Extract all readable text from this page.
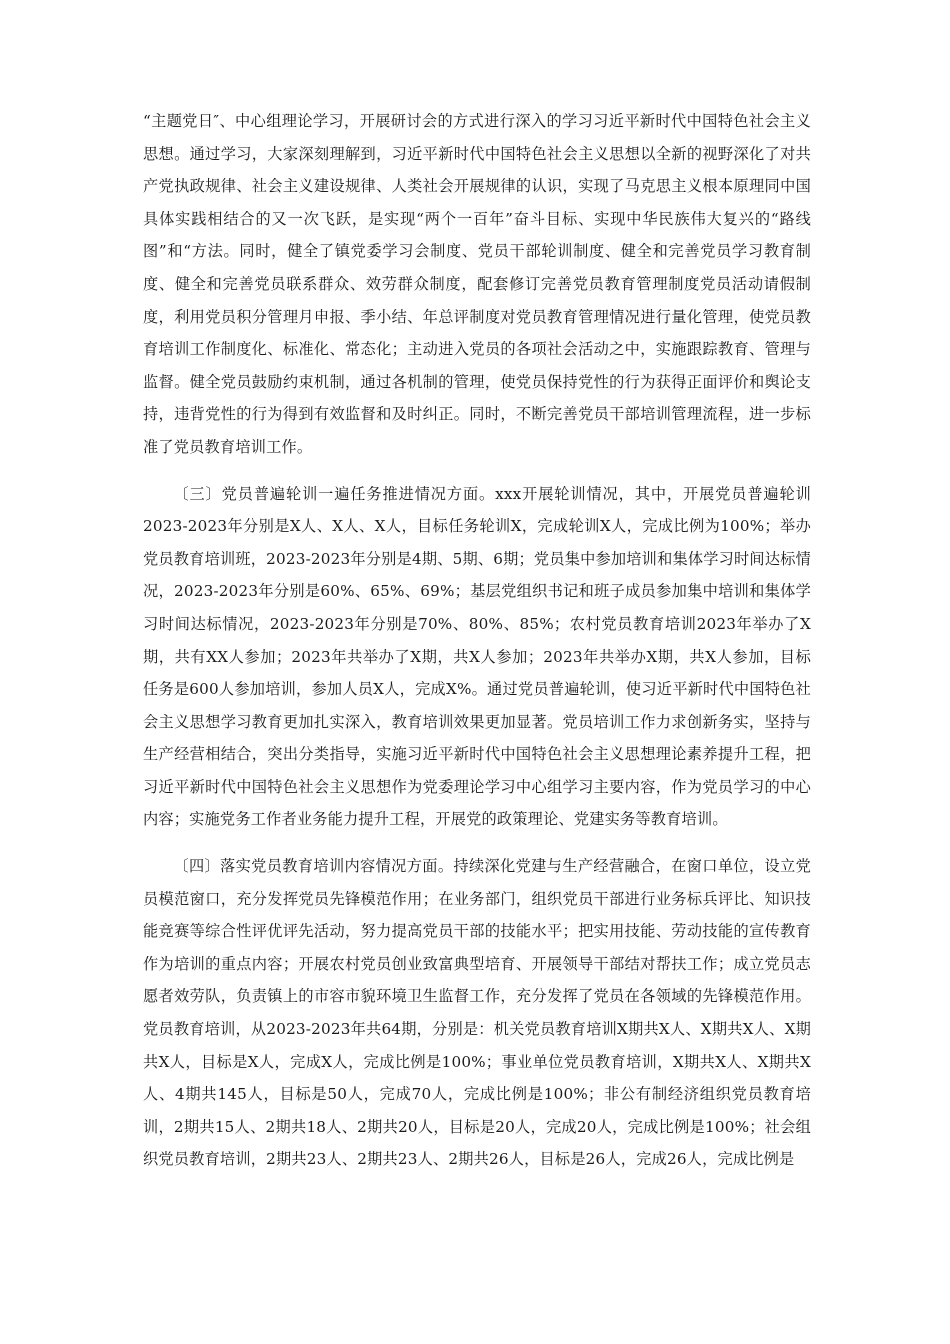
“主题党日″、中心组理论学习，开展研讨会的方式进行深入的学习习近平新时代中国特色社会主义思想。通过学习，大家深刻理解到，习近平新时代中国特色社会主义思想以全新的视野深化了对共产党执政规律、社会主义建设规律、人类社会开展规律的认识，实现了马克思主义根本原理同中国具体实践相结合的又一次飞跃，是实现“两个一百年”奋斗目标、实现中华民族伟大复兴的“路线图”和“方法。同时，健全了镇党委学习会制度、党员干部轮训制度、健全和完善党员学习教育制度、健全和完善党员联系群众、效劳群众制度，配套修订完善党员教育管理制度党员活动请假制度，利用党员积分管理月申报、季小结、年总评制度对党员教育管理情况进行量化管理，使党员教育培训工作制度化、标准化、常态化；主动进入党员的各项社会活动之中，实施跟踪教育、管理与监督。健全党员鼓励约束机制，通过各机制的管理，使党员保持党性的行为获得正面评价和舆论支持，违背党性的行为得到有效监督和及时纠正。同时，不断完善党员干部培训管理流程，进一步标准了党员教育培训工作。

〔三〕党员普遍轮训一遍任务推进情况方面。xxx开展轮训情况，其中，开展党员普遍轮训2023-2023年分别是X人、X人、X人，目标任务轮训X，完成轮训X人，完成比例为100%；举办党员教育培训班，2023-2023年分别是4期、5期、6期；党员集中参加培训和集体学习时间达标情况，2023-2023年分别是60%、65%、69%；基层党组织书记和班子成员参加集中培训和集体学习时间达标情况，2023-2023年分别是70%、80%、85%；农村党员教育培训2023年举办了X期，共有XX人参加；2023年共举办了X期，共X人参加；2023年共举办X期，共X人参加，目标任务是600人参加培训，参加人员X人，完成X%。通过党员普遍轮训，使习近平新时代中国特色社会主义思想学习教育更加扎实深入，教育培训效果更加显著。党员培训工作力求创新务实，坚持与生产经营相结合，突出分类指导，实施习近平新时代中国特色社会主义思想理论素养提升工程，把习近平新时代中国特色社会主义思想作为党委理论学习中心组学习主要内容，作为党员学习的中心内容；实施党务工作者业务能力提升工程，开展党的政策理论、党建实务等教育培训。

〔四〕落实党员教育培训内容情况方面。持续深化党建与生产经营融合，在窗口单位，设立党员模范窗口，充分发挥党员先锋模范作用；在业务部门，组织党员干部进行业务标兵评比、知识技能竞赛等综合性评优评先活动，努力提高党员干部的技能水平；把实用技能、劳动技能的宣传教育作为培训的重点内容；开展农村党员创业致富典型培育、开展领导干部结对帮扶工作；成立党员志愿者效劳队，负责镇上的市容市貌环境卫生监督工作，充分发挥了党员在各领域的先锋模范作用。党员教育培训，从2023-2023年共64期，分别是：机关党员教育培训X期共X人、X期共X人、X期共X人，目标是X人，完成X人，完成比例是100%；事业单位党员教育培训，X期共X人、X期共X人、4期共145人，目标是50人，完成70人，完成比例是100%；非公有制经济组织党员教育培训，2期共15人、2期共18人、2期共20人，目标是20人，完成20人，完成比例是100%；社会组织党员教育培训，2期共23人、2期共23人、2期共26人，目标是26人，完成26人，完成比例是
